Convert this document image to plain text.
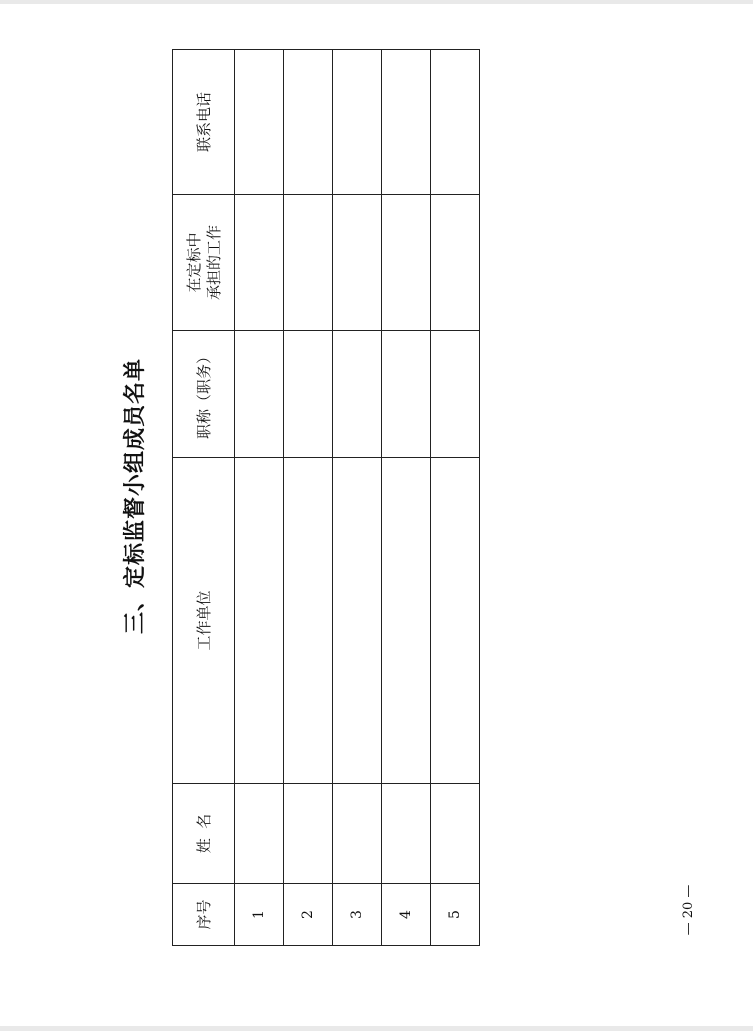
三、定标监督小组成员名单
序号	姓  名	工作单位	职称（职务）	在定标中 承担的工作	联系电话
1					
2					
3					
4					
5						— 20 —
